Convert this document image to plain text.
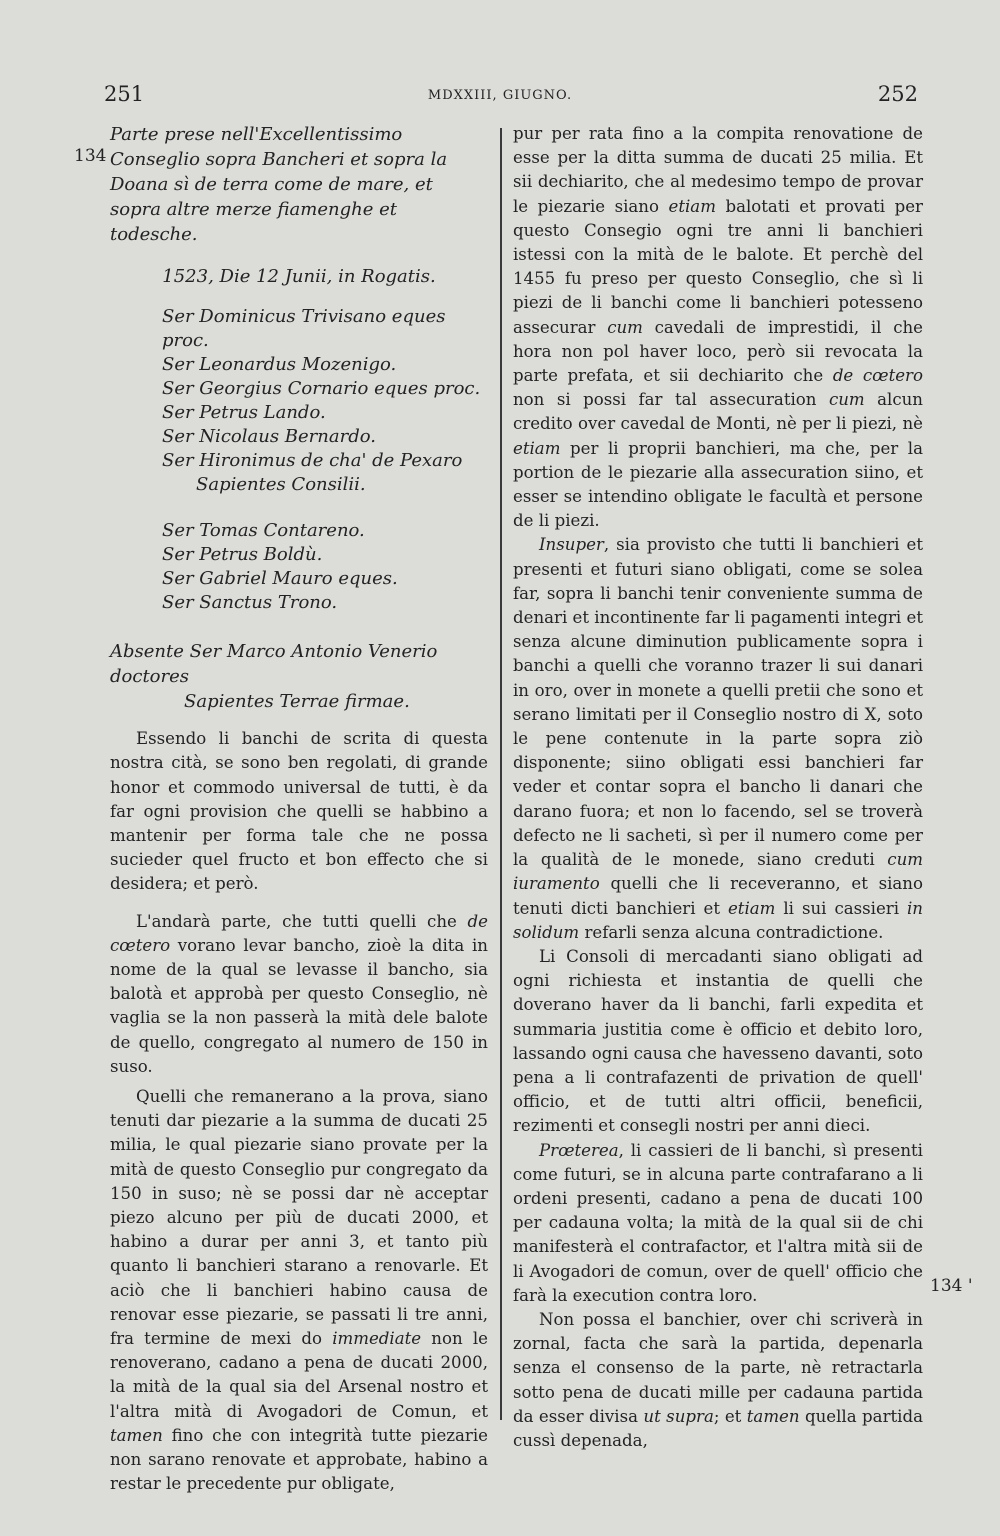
251	MDXXIII, GIUGNO.	252
134
134 '

Parte prese nell'Excellentissimo Conseglio sopra Bancheri et sopra la Doana sì de terra come de mare, et sopra altre merze fiamenghe et todesche.

1523, Die 12 Junii, in Rogatis.

Ser Dominicus Trivisano eques proc.
Ser Leonardus Mozenigo.
Ser Georgius Cornario eques proc.
Ser Petrus Lando.
Ser Nicolaus Bernardo.
Ser Hironimus de cha' de Pexaro
Sapientes Consilii.
Ser Tomas Contareno.
Ser Petrus Boldù.
Ser Gabriel Mauro eques.
Ser Sanctus Trono.
Absente Ser Marco Antonio Venerio doctores
Sapientes Terrae firmae.

Essendo li banchi de scrita di questa nostra cità, se sono ben regolati, di grande honor et commodo universal de tutti, è da far ogni provision che quelli se habbino a mantenir per forma tale che ne possa sucieder quel fructo et bon effecto che si desidera; et però.

L'andarà parte, che tutti quelli che de cœtero vorano levar bancho, zioè la dita in nome de la qual se levasse il bancho, sia balotà et approbà per questo Conseglio, nè vaglia se la non passerà la mità dele balote de quello, congregato al numero de 150 in suso.

Quelli che remanerano a la prova, siano tenuti dar piezarie a la summa de ducati 25 milia, le qual piezarie siano provate per la mità de questo Conseglio pur congregato da 150 in suso; nè se possi dar nè acceptar piezo alcuno per più de ducati 2000, et habino a durar per anni 3, et tanto più quanto li banchieri starano a renovarle. Et aciò che li banchieri habino causa de renovar esse piezarie, se passati li tre anni, fra termine de mexi do immediate non le renoverano, cadano a pena de ducati 2000, la mità de la qual sia del Arsenal nostro et l'altra mità di Avogadori de Comun, et tamen fino che con integrità tutte piezarie non sarano renovate et approbate, habino a restar le precedente pur obligate,

pur per rata fino a la compita renovatione de esse per la ditta summa de ducati 25 milia. Et sii dechiarito, che al medesimo tempo de provar le piezarie siano etiam balotati et provati per questo Consegio ogni tre anni li banchieri istessi con la mità de le balote. Et perchè del 1455 fu preso per questo Conseglio, che sì li piezi de li banchi come li banchieri potesseno assecurar cum cavedali de imprestidi, il che hora non pol haver loco, però sii revocata la parte prefata, et sii dechiarito che de cœtero non si possi far tal assecuration cum alcun credito over cavedal de Monti, nè per li piezi, nè etiam per li proprii banchieri, ma che, per la portion de le piezarie alla assecuration siino, et esser se intendino obligate le facultà et persone de li piezi.

Insuper, sia provisto che tutti li banchieri et presenti et futuri siano obligati, come se solea far, sopra li banchi tenir conveniente summa de denari et incontinente far li pagamenti integri et senza alcune diminution publicamente sopra i banchi a quelli che voranno trazer li sui danari in oro, over in monete a quelli pretii che sono et serano limitati per il Conseglio nostro di X, soto le pene contenute in la parte sopra ziò disponente; siino obligati essi banchieri far veder et contar sopra el bancho li danari che darano fuora; et non lo facendo, sel se troverà defecto ne li sacheti, sì per il numero come per la qualità de le monede, siano creduti cum iuramento quelli che li receveranno, et siano tenuti dicti banchieri et etiam li sui cassieri in solidum refarli senza alcuna contradictione.

Li Consoli di mercadanti siano obligati ad ogni richiesta et instantia de quelli che doverano haver da li banchi, farli expedita et summaria justitia come è officio et debito loro, lassando ogni causa che havesseno davanti, soto pena a li contrafazenti de privation de quell' officio, et de tutti altri officii, beneficii, rezimenti et consegli nostri per anni dieci.

Prœterea, li cassieri de li banchi, sì presenti come futuri, se in alcuna parte contrafarano a li ordeni presenti, cadano a pena de ducati 100 per cadauna volta; la mità de la qual sii de chi manifesterà el contrafactor, et l'altra mità sii de li Avogadori de comun, over de quell' officio che farà la execution contra loro.

Non possa el banchier, over chi scriverà in zornal, facta che sarà la partida, depenarla senza el consenso de la parte, nè retractarla sotto pena de ducati mille per cadauna partida da esser divisa ut supra; et tamen quella partida cussì depenada,
